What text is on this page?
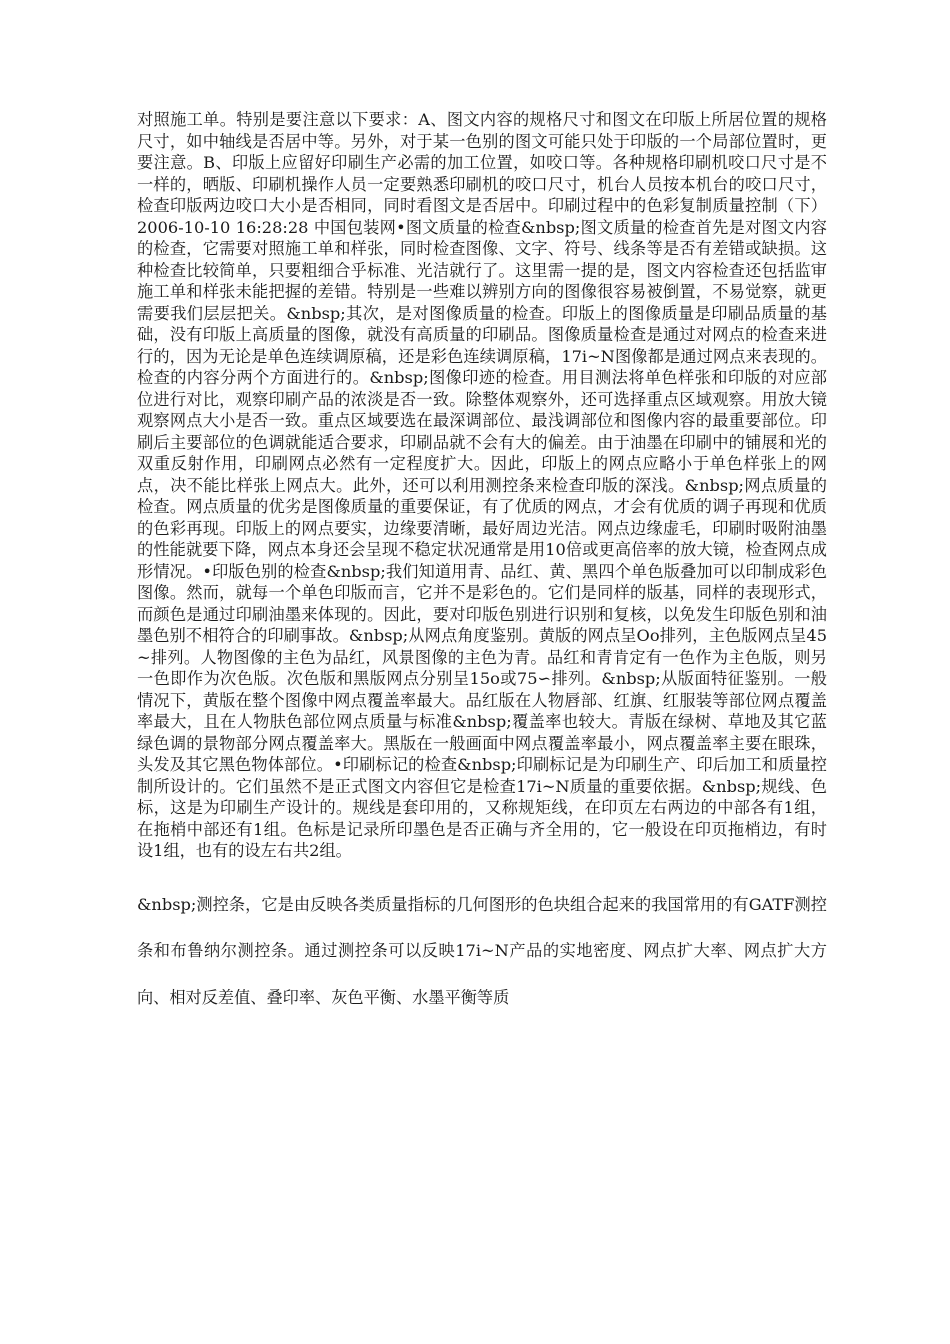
对照施工单。特别是要注意以下要求：A、图文内容的规格尺寸和图文在印版上所居位置的规格尺寸，如中轴线是否居中等。另外，对于某一色别的图文可能只处于印版的一个局部位置时，更要注意。B、印版上应留好印刷生产必需的加工位置，如咬口等。各种规格印刷机咬口尺寸是不一样的，晒版、印刷机操作人员一定要熟悉印刷机的咬口尺寸，机台人员按本机台的咬口尺寸，检查印版两边咬口大小是否相同，同时看图文是否居中。印刷过程中的色彩复制质量控制（下）2006-10-10 16:28:28 中国包装网•图文质量的检查&nbsp;图文质量的检查首先是对图文内容的检查，它需要对照施工单和样张，同时检查图像、文字、符号、线条等是否有差错或缺损。这种检查比较简单，只要粗细合乎标准、光洁就行了。这里需一提的是，图文内容检查还包括监审施工单和样张未能把握的差错。特别是一些难以辨别方向的图像很容易被倒置，不易觉察，就更需要我们层层把关。&nbsp;其次，是对图像质量的检查。印版上的图像质量是印刷品质量的基础，没有印版上高质量的图像，就没有高质量的印刷品。图像质量检查是通过对网点的检查来进行的，因为无论是单色连续调原稿，还是彩色连续调原稿，17i~N图像都是通过网点来表现的。检查的内容分两个方面进行的。&nbsp;图像印迹的检查。用目测法将单色样张和印版的对应部位进行对比，观察印刷产品的浓淡是否一致。除整体观察外，还可选择重点区域观察。用放大镜观察网点大小是否一致。重点区域要选在最深调部位、最浅调部位和图像内容的最重要部位。印刷后主要部位的色调就能适合要求，印刷品就不会有大的偏差。由于油墨在印刷中的铺展和光的双重反射作用，印刷网点必然有一定程度扩大。因此，印版上的网点应略小于单色样张上的网点，决不能比样张上网点大。此外，还可以利用测控条来检查印版的深浅。&nbsp;网点质量的检查。网点质量的优劣是图像质量的重要保证，有了优质的网点，才会有优质的调子再现和优质的色彩再现。印版上的网点要实，边缘要清晰，最好周边光洁。网点边缘虚毛，印刷时吸附油墨的性能就要下降，网点本身还会呈现不稳定状况通常是用10倍或更高倍率的放大镜，检查网点成形情况。•印版色别的检查&nbsp;我们知道用青、品红、黄、黑四个单色版叠加可以印制成彩色图像。然而，就每一个单色印版而言，它并不是彩色的。它们是同样的版基，同样的表现形式，而颜色是通过印刷油墨来体现的。因此，要对印版色别进行识别和复核，以免发生印版色别和油墨色别不相符合的印刷事故。&nbsp;从网点角度鉴别。黄版的网点呈Oo排列，主色版网点呈45~排列。人物图像的主色为品红，风景图像的主色为青。品红和青肯定有一色作为主色版，则另一色即作为次色版。次色版和黑版网点分别呈15o或75∽排列。&nbsp;从版面特征鉴别。一般情况下，黄版在整个图像中网点覆盖率最大。品红版在人物唇部、红旗、红服装等部位网点覆盖率最大，且在人物肤色部位网点质量与标准&nbsp;覆盖率也较大。青版在绿树、草地及其它蓝绿色调的景物部分网点覆盖率大。黑版在一般画面中网点覆盖率最小，网点覆盖率主要在眼珠，头发及其它黑色物体部位。•印刷标记的检查&nbsp;印刷标记是为印刷生产、印后加工和质量控制所设计的。它们虽然不是正式图文内容但它是检查17i~N质量的重要依据。&nbsp;规线、色标，这是为印刷生产设计的。规线是套印用的，又称规矩线，在印页左右两边的中部各有1组，在拖梢中部还有1组。色标是记录所印墨色是否正确与齐全用的，它一般设在印页拖梢边，有时设1组，也有的设左右共2组。

&nbsp;测控条，它是由反映各类质量指标的几何图形的色块组合起来的我国常用的有GATF测控条和布鲁纳尔测控条。通过测控条可以反映17i~N产品的实地密度、网点扩大率、网点扩大方向、相对反差值、叠印率、灰色平衡、水墨平衡等质
